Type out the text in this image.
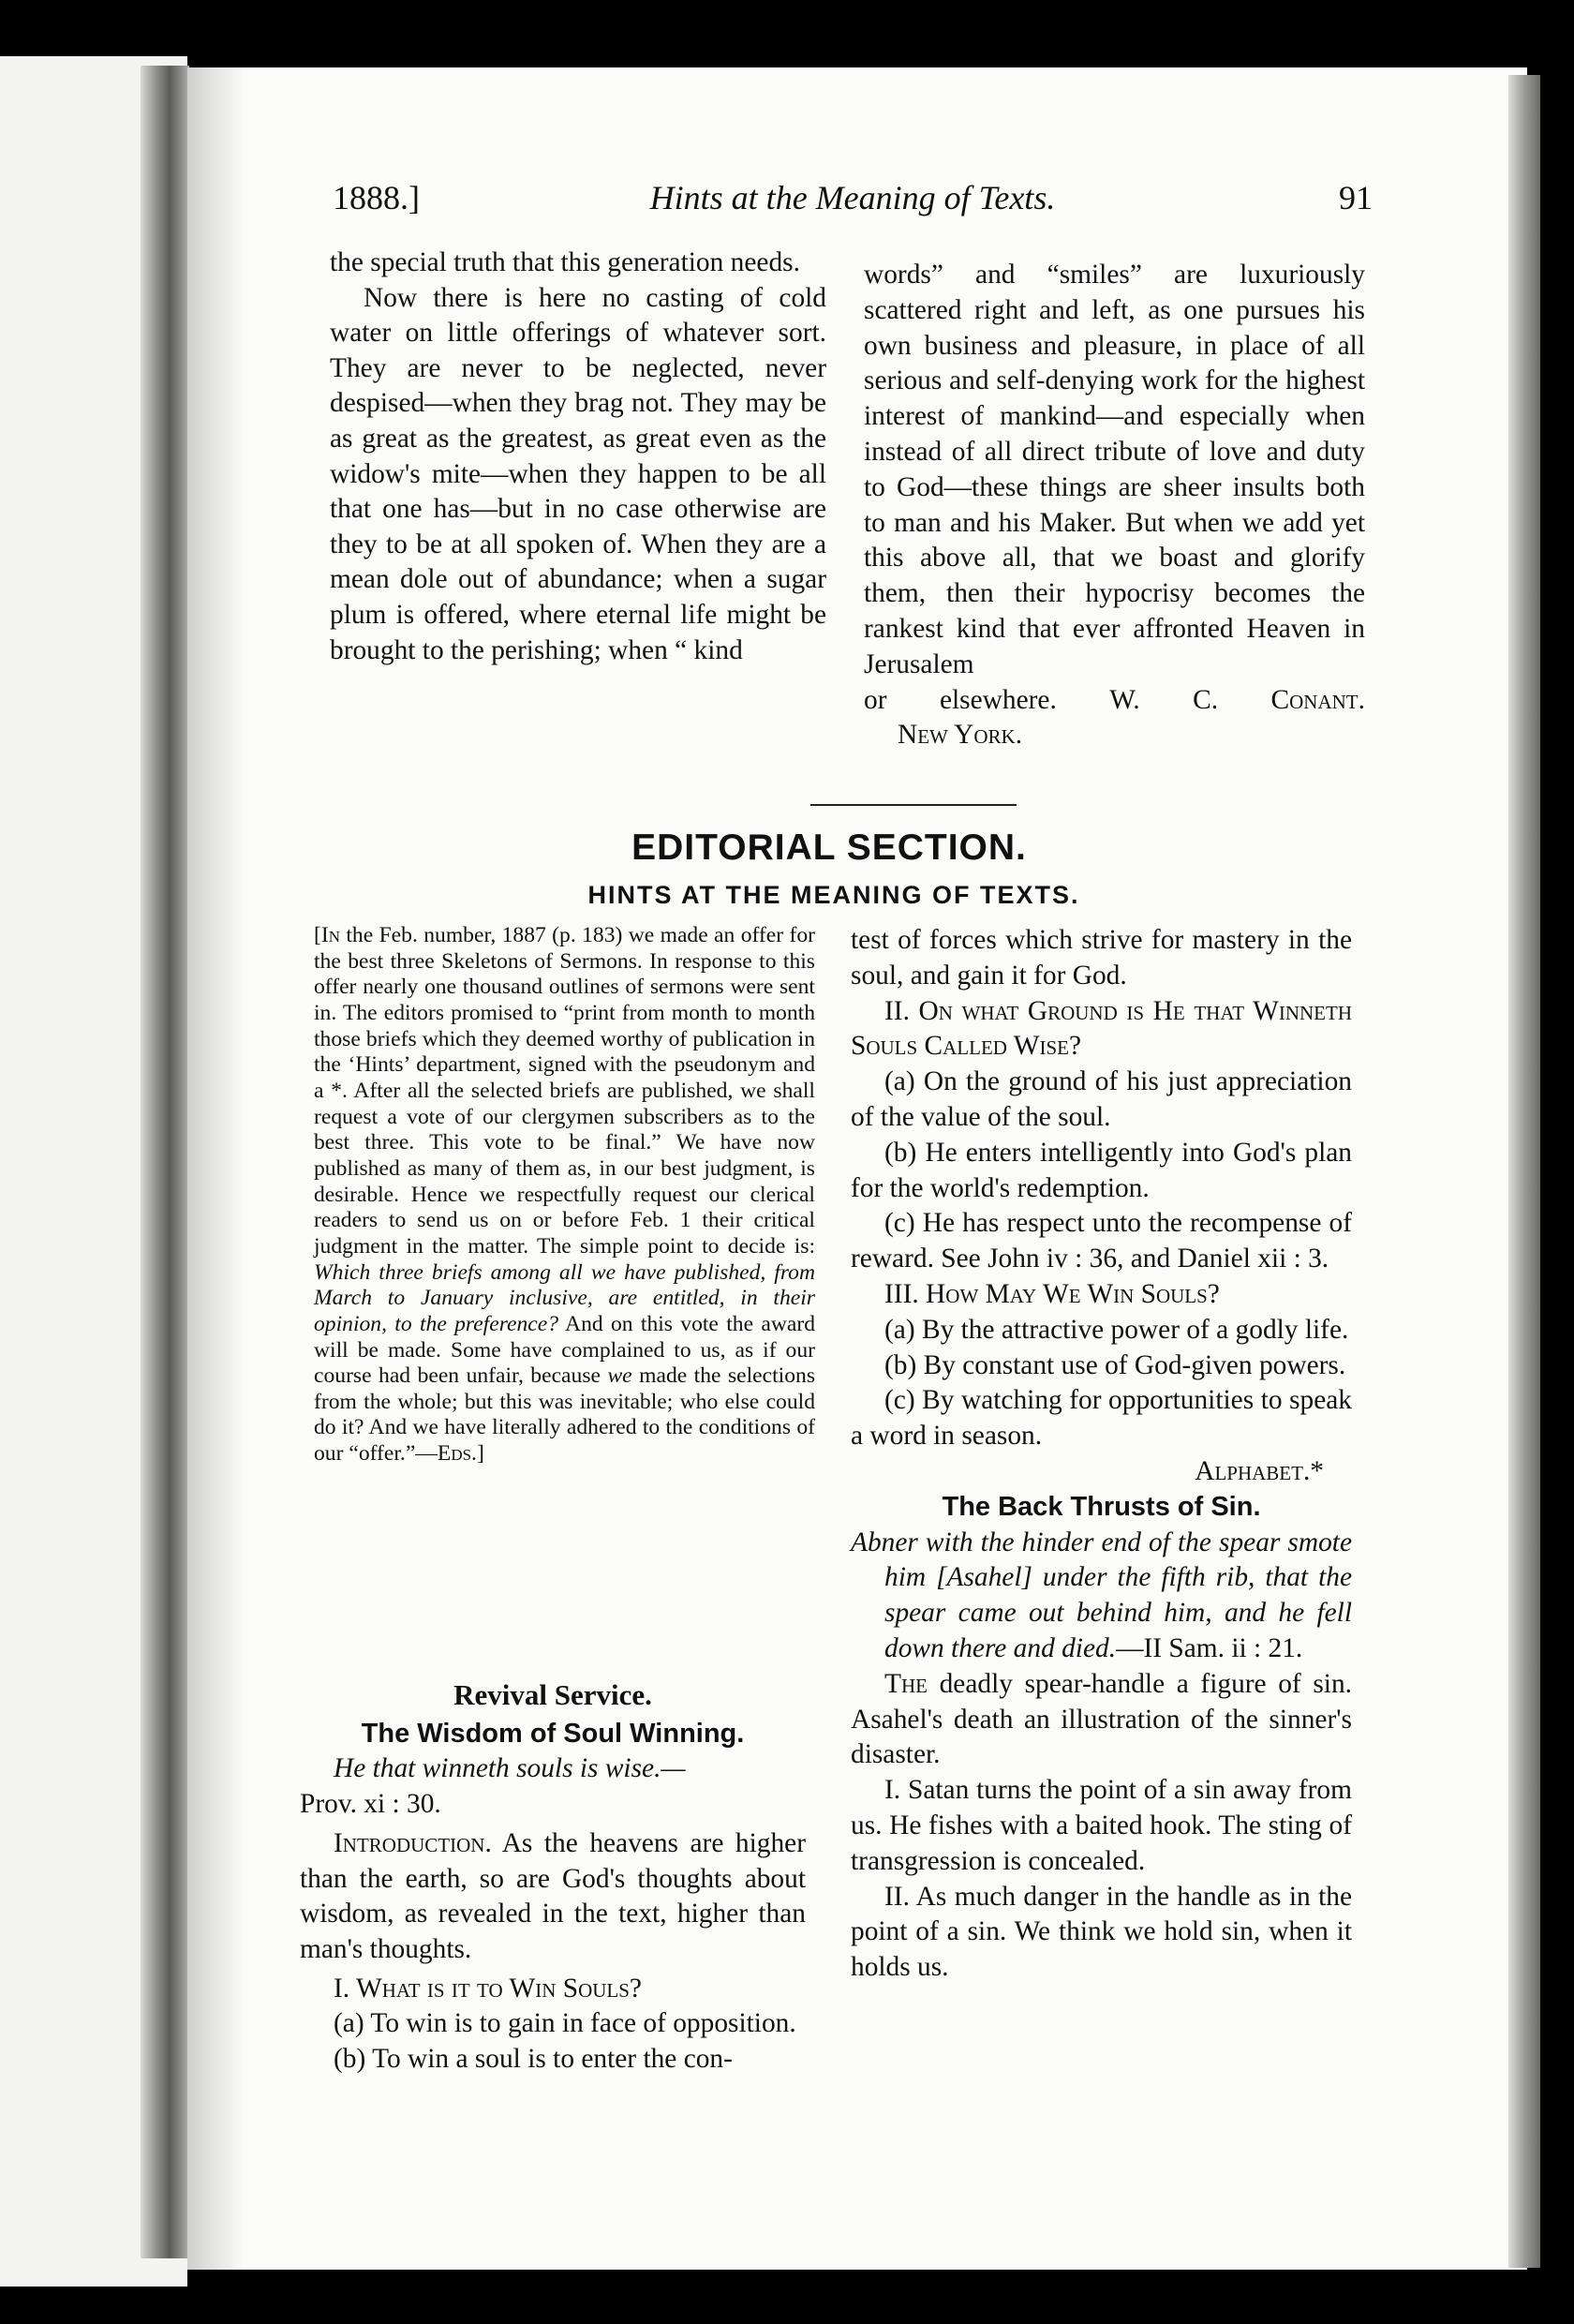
1888.]	Hints at the Meaning of Texts.	91

the special truth that this generation needs.

Now there is here no casting of cold water on little offerings of whatever sort. They are never to be neglected, never despised—when they brag not. They may be as great as the greatest, as great even as the widow's mite—when they happen to be all that one has—but in no case otherwise are they to be at all spoken of. When they are a mean dole out of abundance; when a sugar plum is offered, where eternal life might be brought to the perishing; when “ kind

words” and “smiles” are luxuriously scattered right and left, as one pursues his own business and pleasure, in place of all serious and self-denying work for the highest interest of mankind—and especially when instead of all direct tribute of love and duty to God—these things are sheer insults both to man and his Maker. But when we add yet this above all, that we boast and glorify them, then their hypocrisy becomes the rankest kind that ever affronted Heaven in Jerusalem

or elsewhere. W. C. Conant.

New York.

EDITORIAL SECTION.
HINTS AT THE MEANING OF TEXTS.

[In the Feb. number, 1887 (p. 183) we made an offer for the best three Skeletons of Sermons. In response to this offer nearly one thousand outlines of sermons were sent in. The editors promised to “print from month to month those briefs which they deemed worthy of publication in the ‘Hints’ department, signed with the pseudonym and a *. After all the selected briefs are published, we shall request a vote of our clergymen subscribers as to the best three. This vote to be final.” We have now published as many of them as, in our best judgment, is desirable. Hence we respectfully request our clerical readers to send us on or before Feb. 1 their critical judgment in the matter. The simple point to decide is: Which three briefs among all we have published, from March to January inclusive, are entitled, in their opinion, to the preference? And on this vote the award will be made. Some have complained to us, as if our course had been unfair, because we made the selections from the whole; but this was inevitable; who else could do it? And we have literally adhered to the conditions of our “offer.”—Eds.]

Revival Service.

The Wisdom of Soul Winning.

He that winneth souls is wise.—

Prov. xi : 30.

Introduction. As the heavens are higher than the earth, so are God's thoughts about wisdom, as revealed in the text, higher than man's thoughts.

I. What is it to Win Souls?

(a) To win is to gain in face of opposition.

(b) To win a soul is to enter the con-

test of forces which strive for mastery in the soul, and gain it for God.

II. On what Ground is He that Winneth Souls Called Wise?

(a) On the ground of his just appreciation of the value of the soul.

(b) He enters intelligently into God's plan for the world's redemption.

(c) He has respect unto the recompense of reward. See John iv : 36, and Daniel xii : 3.

III. How May We Win Souls?

(a) By the attractive power of a godly life.

(b) By constant use of God-given powers.

(c) By watching for opportunities to speak a word in season.

Alphabet.*

The Back Thrusts of Sin.

Abner with the hinder end of the spear smote him [Asahel] under the fifth rib, that the spear came out behind him, and he fell down there and died.—II Sam. ii : 21.

The deadly spear-handle a figure of sin. Asahel's death an illustration of the sinner's disaster.

I. Satan turns the point of a sin away from us. He fishes with a baited hook. The sting of transgression is concealed.

II. As much danger in the handle as in the point of a sin. We think we hold sin, when it holds us.
